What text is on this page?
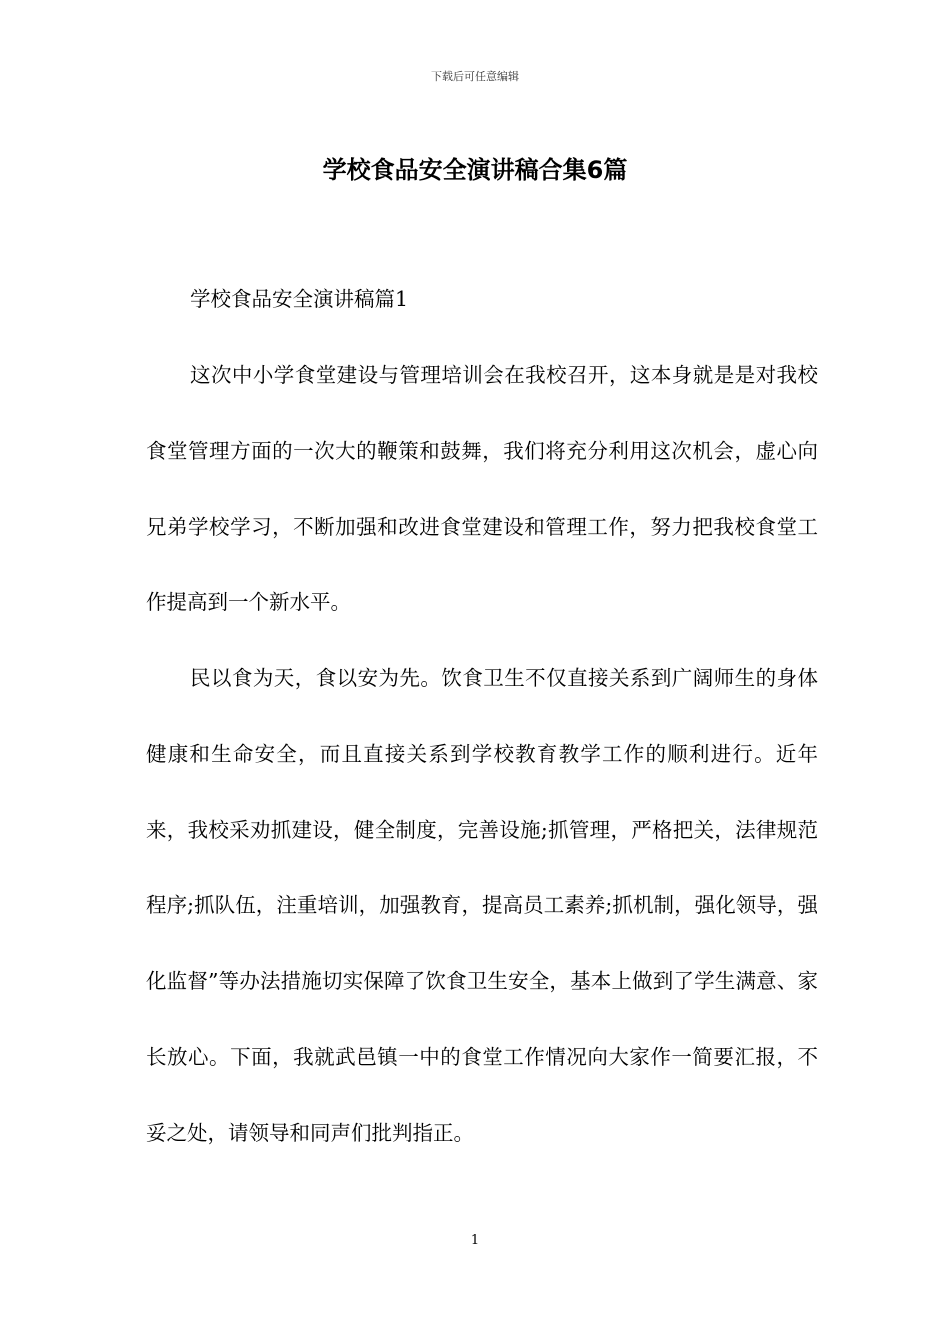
下载后可任意编辑
学校食品安全演讲稿合集6篇

学校食品安全演讲稿篇1

这次中小学食堂建设与管理培训会在我校召开，这本身就是是对我校食堂管理方面的一次大的鞭策和鼓舞，我们将充分利用这次机会，虚心向兄弟学校学习，不断加强和改进食堂建设和管理工作，努力把我校食堂工作提高到一个新水平。

民以食为天，食以安为先。饮食卫生不仅直接关系到广阔师生的身体健康和生命安全，而且直接关系到学校教育教学工作的顺利进行。近年来，我校采劝抓建设，健全制度，完善设施;抓管理，严格把关，法律规范程序;抓队伍，注重培训，加强教育，提高员工素养;抓机制，强化领导，强化监督”等办法措施切实保障了饮食卫生安全，基本上做到了学生满意、家长放心。下面，我就武邑镇一中的食堂工作情况向大家作一简要汇报，不妥之处，请领导和同声们批判指正。

1
